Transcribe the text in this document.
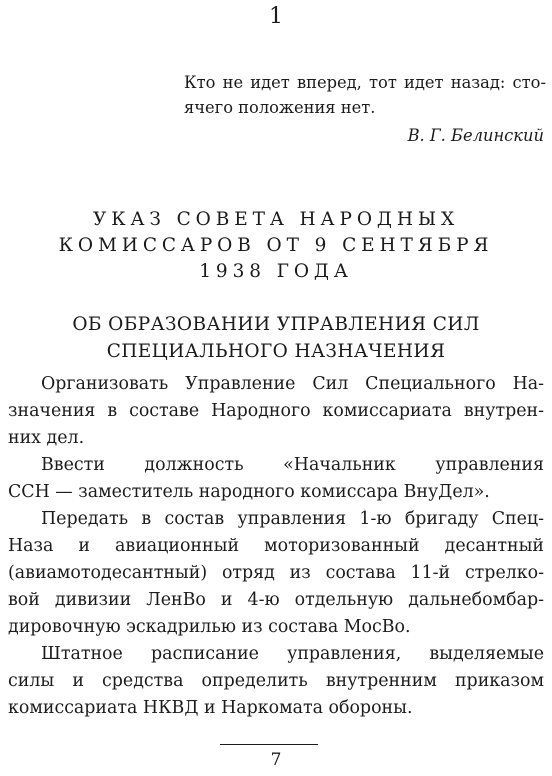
1
Кто не идет вперед, тот идет назад: сто-
ячего положения нет.
В. Г. Белинский
УКАЗ СОВЕТА НАРОДНЫХ
КОМИССАРОВ ОТ 9 СЕНТЯБРЯ
1938 ГОДА
ОБ ОБРАЗОВАНИИ УПРАВЛЕНИЯ СИЛ
СПЕЦИАЛЬНОГО НАЗНАЧЕНИЯ
Организовать Управление Сил Специального На-
значения в составе Народного комиссариата внутрен-
них дел.
Ввести должность «Начальник управления
ССН — заместитель народного комиссара ВнуДел».
Передать в состав управления 1-ю бригаду Спец-
Наза и авиационный моторизованный десантный
(авиамотодесантный) отряд из состава 11-й стрелко-
вой дивизии ЛенВо и 4-ю отдельную дальнебомбар-
дировочную эскадрилью из состава МосВо.
Штатное расписание управления, выделяемые
силы и средства определить внутренним приказом
комиссариата НКВД и Наркомата обороны.
7
